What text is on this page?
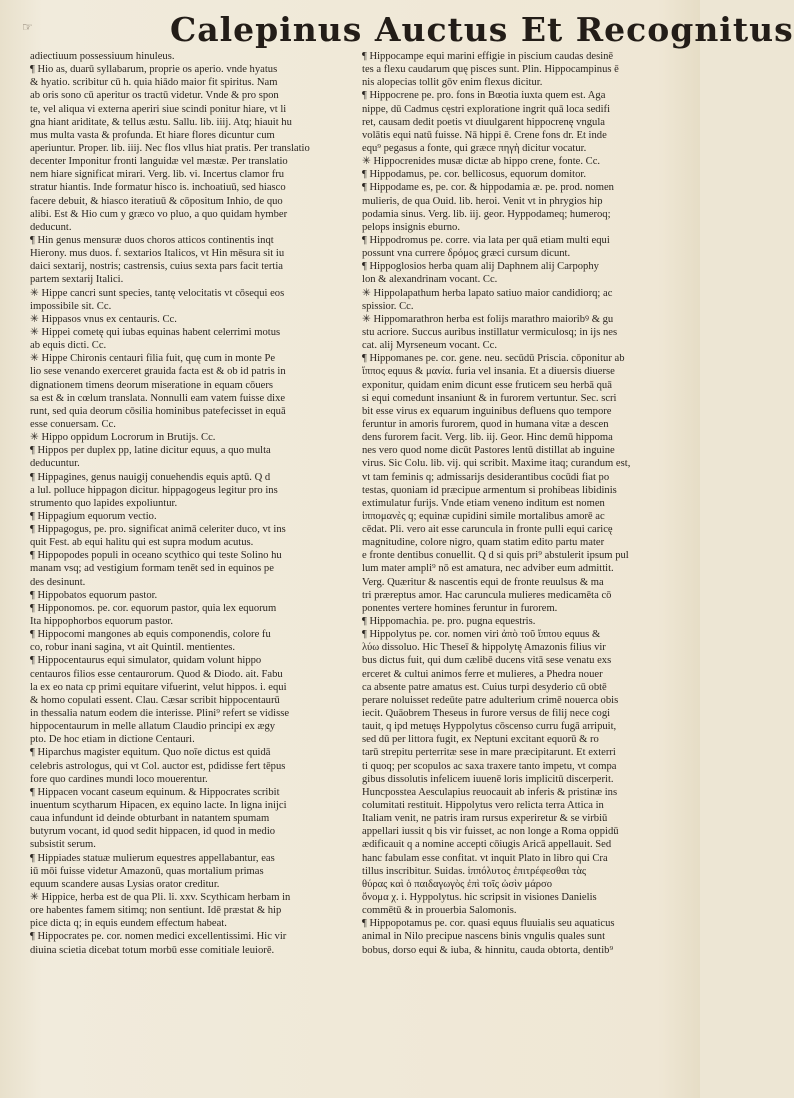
☞	Calepinus Auctus Et Recognitus
adiectiuum possessiuum hinuleus.
¶ Hio as, duarū syllabarum, proprie os aperio. vnde hyatus
& hyatio. scribitur cū h. quia hiādo maior fit spiritus. Nam
ab oris sono cū aperitur os tractū videtur. Vnde & pro spon
te, vel aliqua vi externa aperiri siue scindi ponitur hiare, vt li
gna hiant ariditate, & tellus æstu. Sallu. lib. iiij. Atq; hiauit hu
mus multa vasta & profunda. Et hiare flores dicuntur cum
aperiuntur. Proper. lib. iiij. Nec flos vllus hiat pratis. Per translatio
decenter Imponitur fronti languidæ vel mæstæ. Per translatio
nem hiare significat mirari. Verg. lib. vi. Incertus clamor fru
stratur hiantis. Inde formatur hisco is. inchoatiuū, sed hiasco
facere debuit, & hiasco iteratiuū & cōpositum Inhio, de quo
alibi. Est & Hio cum y græco vo pluo, a quo quidam hymber
deducunt.
¶ Hin genus mensuræ duos choros atticos continentis inqt
Hierony. mus duos. f. sextarios Italicos, vt Hin mēsura sit iu
daici sextarij, nostris; castrensis, cuius sexta pars facit tertia
partem sextarij Italici.
✳ Hippe cancri sunt species, tantę velocitatis vt cōsequi eos
impossibile sit. Cc.
✳ Hippasos vnus ex centauris. Cc.
✳ Hippei cometę qui iubas equinas habent celerrimi motus
ab equis dicti. Cc.
✳ Hippe Chironis centauri filia fuit, quę cum in monte Pe
lio sese venando exerceret grauida facta est & ob id patris in
dignationem timens deorum miseratione in equam cōuers
sa est & in cœlum translata. Nonnulli eam vatem fuisse dixe
runt, sed quia deorum cōsilia hominibus patefecisset in equā
esse conuersam. Cc.
✳ Hippo oppidum Locrorum in Brutijs. Cc.
¶ Hippos per duplex pp, latine dicitur equus, a quo multa
deducuntur.
¶ Hippagines, genus nauigij conuehendis equis aptū. Q d
a lul. polluce hippagon dicitur. hippagogeus legitur pro ins
strumento quo lapides expoliuntur.
¶ Hippagium equorum vectio.
¶ Hippagogus, pe. pro. significat animā celeriter duco, vt ins
quit Fest. ab equi halitu qui est supra modum acutus.
¶ Hippopodes populi in oceano scythico qui teste Solino hu
manam vsq; ad vestigium formam tenēt sed in equinos pe
des desinunt.
¶ Hippobatos equorum pastor.
¶ Hipponomos. pe. cor. equorum pastor, quia lex equorum
Ita hippophorbos equorum pastor.
¶ Hippocomi mangones ab equis componendis, colore fu
co, robur inani sagina, vt ait Quintil. mentientes.
¶ Hippocentaurus equi simulator, quidam volunt hippo
centauros filios esse centaurorum. Quod & Diodo. ait. Fabu
la ex eo nata cp primi equitare vifuerint, velut hippos. i. equi
& homo copulati essent. Clau. Cæsar scribit hippocentaurū
in thessalia natum eodem die interisse. Plini⁹ refert se vidisse
hippocentaurum in melle allatum Claudio principi ex ægy
pto. De hoc etiam in dictione Centauri.
¶ Hiparchus magister equitum. Quo noīe dictus est quidā
celebris astrologus, qui vt Col. auctor est, pdidisse fert tēpus
fore quo cardines mundi loco mouerentur.
¶ Hippacen vocant caseum equinum. & Hippocrates scribit
inuentum scytharum Hipacen, ex equino lacte. In ligna inijci
caua infundunt id deinde obturbant in natantem spumam
butyrum vocant, id quod sedit hippacen, id quod in medio
subsistit serum.
¶ Hippiades statuæ mulierum equestres appellabantur, eas
iū mōi fuisse videtur Amazonū, quas mortalium primas
equum scandere ausas Lysias orator creditur.
✳ Hippice, herba est de qua Pli. li. xxv. Scythicam herbam in
ore habentes famem sitimq; non sentiunt. Idē præstat & hip
pice dicta q; in equis eundem effectum habeat.
¶ Hippocrates pe. cor. nomen medici excellentissimi. Hic vir
diuina scietia dicebat totum morbū esse comitiale leuiorē.
¶ Hippocampe equi marini effigie in piscium caudas desinē
tes a flexu caudarum quę pisces sunt. Plin. Hippocampinus ē
nis alopecias tollit gōv enim flexus dicitur.
¶ Hippocrene pe. pro. fons in Bœotia iuxta quem est. Aga
nippe, dū Cadmus cęstri exploratione ingrit quā loca sedifi
ret, causam dedit poetis vt diuulgarent hippocrenę vngula
volātis equi natū fuisse. Nā hippi ē. Crene fons dr. Et inde
equ⁹ pegasus a fonte, qui græce πηγὴ dicitur vocatur.
✳ Hippocrenides musæ dictæ ab hippo crene, fonte. Cc.
¶ Hippodamus, pe. cor. bellicosus, equorum domitor.
¶ Hippodame es, pe. cor. & hippodamia æ. pe. prod. nomen
mulieris, de qua Ouid. lib. heroi. Venit vt in phrygios hip
podamia sinus. Verg. lib. iij. geor. Hyppodameq; humeroq;
pelops insignis eburno.
¶ Hippodromus pe. corre. via lata per quā etiam multi equi
possunt vna currere δρόμος græci cursum dicunt.
¶ Hippoglosios herba quam alij Daphnem alij Carpophy
lon & alexandrinam vocant. Cc.
✳ Hippolapathum herba lapato satiuo maior candidiorq; ac
spissior. Cc.
✳ Hippomarathron herba est folijs marathro maioribꝰ & gu
stu acriore. Succus auribus instillatur vermiculosq; in ijs nes
cat. alij Myrseneum vocant. Cc.
¶ Hippomanes pe. cor. gene. neu. secūdū Priscia. cōponitur ab
ἵππος equus & μανία. furia vel insania. Et a diuersis diuerse
exponitur, quidam enim dicunt esse fruticem seu herbā quā
si equi comedunt insaniunt & in furorem vertuntur. Sec. scri
bit esse virus ex equarum inguinibus defluens quo tempore
feruntur in amoris furorem, quod in humana vitæ a descen
dens furorem facit. Verg. lib. iij. Geor. Hinc demū hippoma
nes vero quod nome dicūt Pastores lentū distillat ab inguine
virus. Sic Colu. lib. vij. qui scribit. Maxime itaq; curandum est,
vt tam feminis q; admissarijs desiderantibus cocūdi fiat po
testas, quoniam id præcipue armentum si prohibeas libidinis
extimulatur furijs. Vnde etiam veneno inditum est nomen
ἱππομανὲς q; equinæ cupidini simile mortalibus amorē ac
cēdat. Pli. vero ait esse caruncula in fronte pulli equi caricę
magnitudine, colore nigro, quam statim edito partu mater
e fronte dentibus conuellit. Q d si quis pri⁹ abstulerit ipsum pul
lum mater ampli⁹ nō est amatura, nec adviber eum admittit.
Verg. Quæritur & nascentis equi de fronte reuulsus & ma
tri præreptus amor. Hac caruncula mulieres medicamēta cō
ponentes vertere homines feruntur in furorem.
¶ Hippomachia. pe. pro. pugna equestris.
¶ Hippolytus pe. cor. nomen viri ἀπὸ τοῦ ἵππου equus &
λύω dissoluo. Hic Theseī & hippolytę Amazonis filius vir
bus dictus fuit, qui dum cælibē ducens vitā sese venatu exs
erceret & cultui animos ferre et mulieres, a Phedra nouer
ca absente patre amatus est. Cuius turpi desyderio cū obtē
perare noluisset redeūte patre adulterium crimē nouerca obis
iecit. Quāobrem Theseus in furore versus de filij nece cogi
tauit, q ipd metuęs Hyppolytus cōscenso curru fugā arripuit,
sed dū per littora fugit, ex Neptuni excitant equorū & ro
tarū strepitu perterritæ sese in mare præcipitarunt. Et exterri
ti quoq; per scopulos ac saxa traxere tanto impetu, vt compa
gibus dissolutis infelicem iuuenē loris implicitū discerperit.
Huncposstea Aesculapius reuocauit ab inferis & pristinæ ins
columitati restituit. Hippolytus vero relicta terra Attica in
Italiam venit, ne patris iram rursus experiretur & se virbiū
appellari iussit q bis vir fuisset, ac non longe a Roma oppidū
ædificauit q a nomine accepti cōiugis Aricā appellauit. Sed
hanc fabulam esse confitat. vt inquit Plato in libro qui Cra
tillus inscribitur. Suidas. ἱππόλυτος ἐπιτρέφεσθαι τὰς
θύρας καὶ ὁ παιδαγωγὸς ἐπὶ τοῖς ὠσὶν μάρσο
ὄνομα χ. i. Hyppolytus. hic scripsit in visiones Danielis
commētū & in prouerbia Salomonis.
¶ Hippopotamus pe. cor. quasi equus fluuialis seu aquaticus
animal in Nilo precipue nascens binis vngulis quales sunt
bobus, dorso equi & iuba, & hinnitu, cauda obtorta, dentib⁹
